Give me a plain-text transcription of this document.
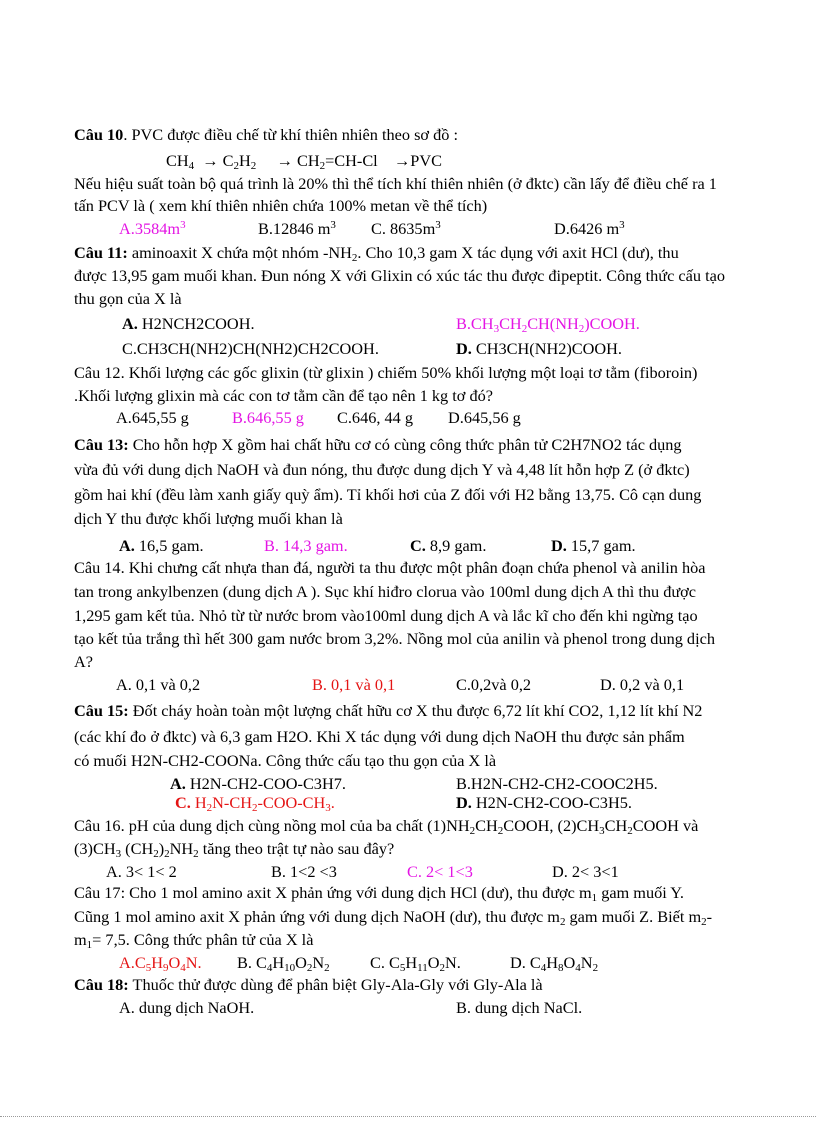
Câu 10. PVC được điều chế từ khí thiên nhiên theo sơ đồ :
$CH_4 \to C_2H_2 \to CH_2=CH-Cl \to PVC$
Nếu hiệu suất toàn bộ quá trình là 20% thì thể tích khí thiên nhiên (ở đktc) cần lấy để điều chế ra 1
tấn PCV là ( xem khí thiên nhiên chứa 100% metan về thể tích)
$A.3584m^3$	B.12846 $m^3$ C. $8635m^3$	D.6426 $m^3$
Câu 11: aminoaxit X chứa một nhóm $-NH_2$. Cho 10,3 gam X tác dụng với axit HCl (dư), thu
được 13,95 gam muối khan. Đun nóng X với Glixin có xúc tác thu được đipeptit. Công thức cấu tạo
thu gọn của X là
A. H2NCH2COOH.	$B.CH_3CH_2CH(NH_2)COOH$.
C.CH3CH(NH2)CH(NH2)CH2COOH.	D. CH3CH(NH2)COOH.
Câu 12. Khối lượng các gốc glixin (từ glixin ) chiếm 50% khối lượng một loại tơ tằm (fiboroin)
.Khối lượng glixin mà các con tơ tằm cần để tạo nên 1 kg tơ đó?
A.645,55 g	B.646,55 g C.646, 44 g D.645,56 g
Câu 13: Cho hỗn hợp X gồm hai chất hữu cơ có cùng công thức phân tử C2H7NO2 tác dụng
vừa đủ với dung dịch NaOH và đun nóng, thu được dung dịch Y và 4,48 lít hỗn hợp Z (ở đktc)
gồm hai khí (đều làm xanh giấy quỳ ẩm). Tỉ khối hơi của Z đối với H2 bằng 13,75. Cô cạn dung
dịch Y thu được khối lượng muối khan là
A. 16,5 gam.	B. 14,3 gam.	C. 8,9 gam.	D. 15,7 gam.
Câu 14. Khi chưng cất nhựa than đá, người ta thu được một phân đoạn chứa phenol và anilin hòa
tan trong ankylbenzen (dung dịch A ). Sục khí hiđro clorua vào 100ml dung dịch A thì thu được
1,295 gam kết tủa. Nhỏ từ từ nước brom vào100ml dung dịch A và lắc kĩ cho đến khi ngừng tạo
tạo kết tủa trắng thì hết 300 gam nước brom 3,2%. Nồng mol của anilin và phenol trong dung dịch
A?
A. 0,1 và 0,2	B. 0,1 và 0,1	C.0,2và 0,2	D. 0,2 và 0,1
Câu 15: Đốt cháy hoàn toàn một lượng chất hữu cơ X thu được 6,72 lít khí CO2, 1,12 lít khí N2
(các khí đo ở đktc) và 6,3 gam H2O. Khi X tác dụng với dung dịch NaOH thu được sản phẩm
có muối H2N-CH2-COONa. Công thức cấu tạo thu gọn của X là
A. H2N-CH2-COO-C3H7.	B.H2N-CH2-CH2-COOC2H5.
C. $H_2N-CH_2-COO-CH_3$.	D. H2N-CH2-COO-C3H5.
Câu 16. pH của dung dịch cùng nồng mol của ba chất $(1)NH_2CH_2COOH$, $(2)CH_3CH_2COOH$ và
$(3)CH_3$ $(CH_2)_2NH_2$ tăng theo trật tự nào sau đây?
A. 3< 1< 2	B. 1<2 <3	C. 2< 1<3	D. 2< 3<1
Câu 17: Cho 1 mol amino axit X phản ứng với dung dịch HCl (dư), thu được $m_1$ gam muối Y.
Cũng 1 mol amino axit X phản ứng với dung dịch NaOH (dư), thu được $m_2$ gam muối Z. Biết $m_2-$
$m_1= 7,5$. Công thức phân tử của X là
$A.C_5H_9O_4N$. B. $C_4H_{10}O_2N_2$ C. $C_5H_{11}O_2N$.	D. $C_4H_8O_4N_2$
Câu 18: Thuốc thử được dùng để phân biệt Gly-Ala-Gly với Gly-Ala là
A. dung dịch NaOH.	B. dung dịch NaCl.
